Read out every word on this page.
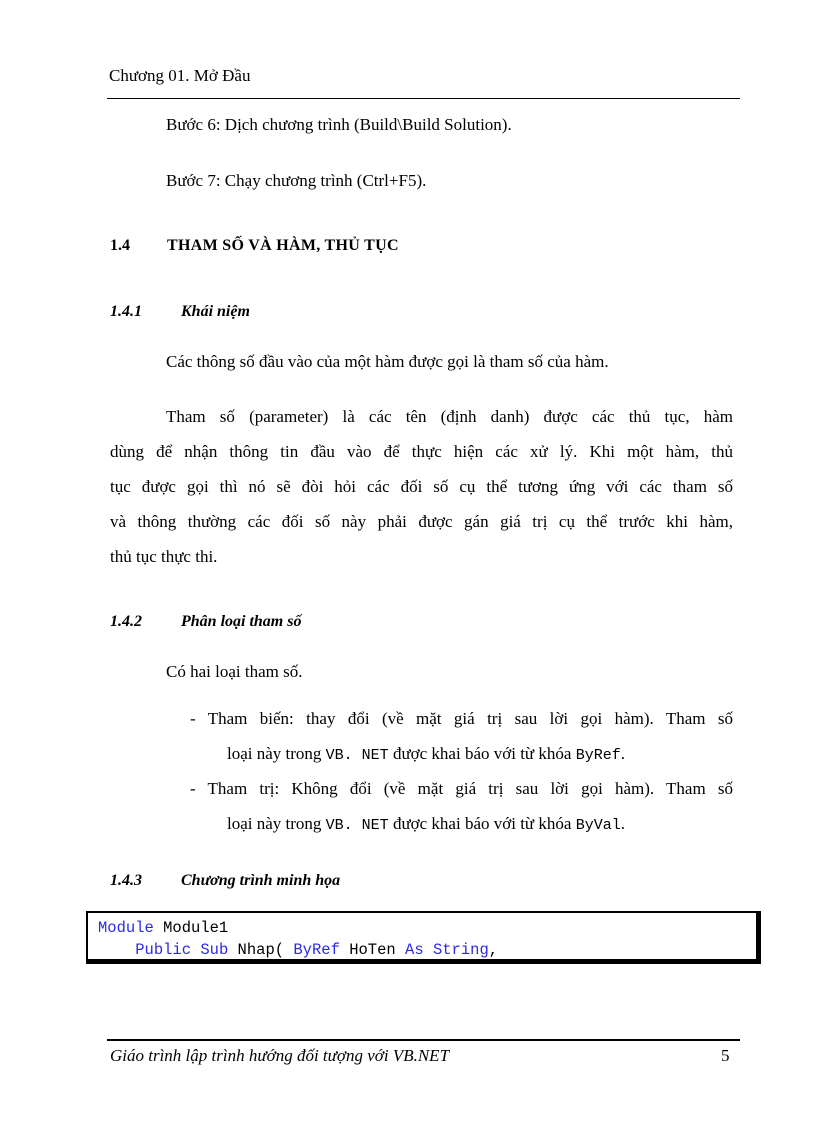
Chương 01. Mở Đầu
Bước 6: Dịch chương trình (Build\Build Solution).
Bước 7: Chạy chương trình (Ctrl+F5).
1.4 THAM SỐ VÀ HÀM, THỦ TỤC
1.4.1 Khái niệm
Các thông số đầu vào của một hàm được gọi là tham số của hàm.
Tham số (parameter) là các tên (định danh) được các thủ tục, hàm
dùng để nhận thông tin đầu vào để thực hiện các xử lý. Khi một hàm, thủ
tục được gọi thì nó sẽ đòi hỏi các đối số cụ thể tương ứng với các tham số
và thông thường các đối số này phải được gán giá trị cụ thể trước khi hàm,
thủ tục thực thi.
1.4.2 Phân loại tham số
Có hai loại tham số.
- Tham biến: thay đổi (về mặt giá trị sau lời gọi hàm). Tham số
loại này trong VB. NET được khai báo với từ khóa ByRef.
- Tham trị: Không đổi (về mặt giá trị sau lời gọi hàm). Tham số
loại này trong VB. NET được khai báo với từ khóa ByVal.
1.4.3 Chương trình minh họa
Module Module1
Public Sub Nhap( ByRef HoTen As String,
Giáo trình lập trình hướng đối tượng với VB.NET	5
